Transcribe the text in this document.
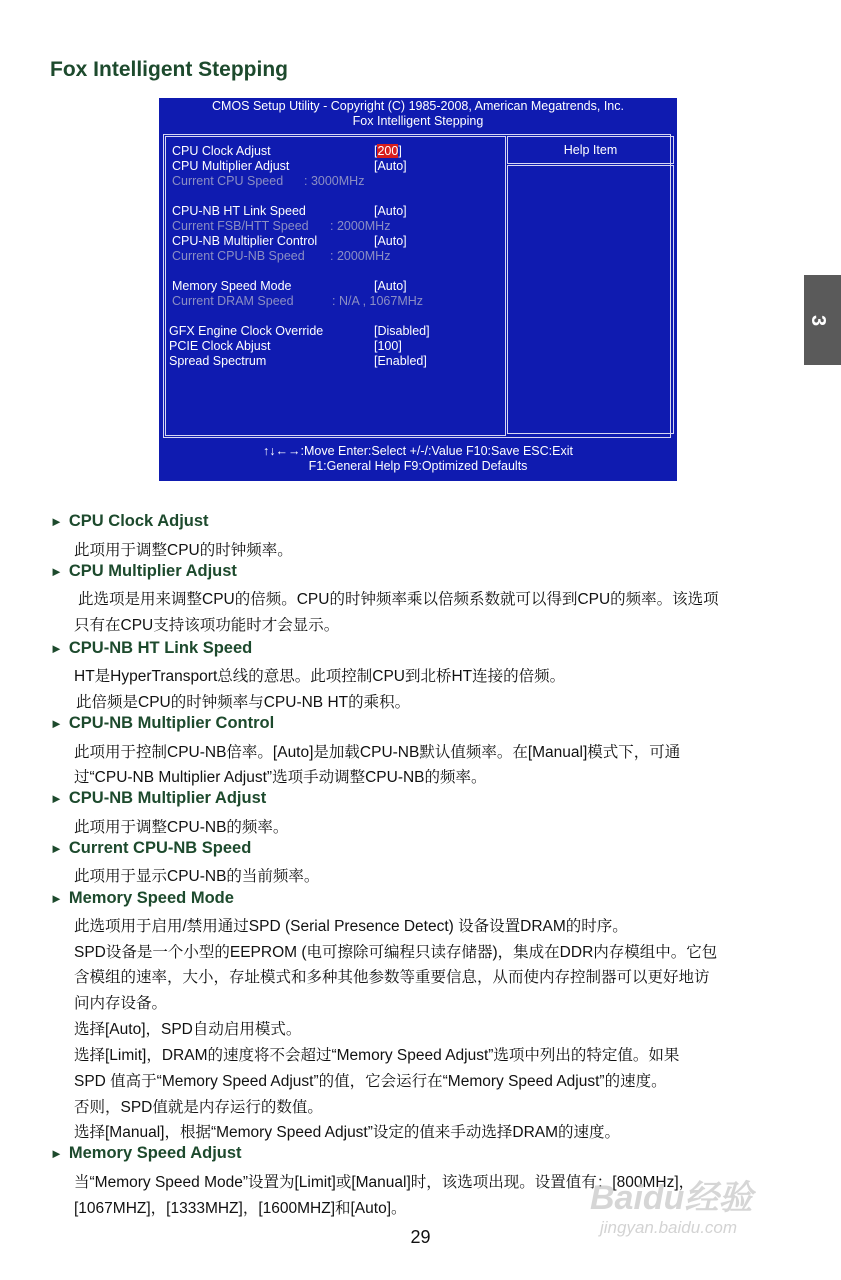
Fox Intelligent Stepping
CMOS Setup Utility - Copyright (C) 1985-2008, American Megatrends, Inc.
Fox Intelligent Stepping
CPU Clock Adjust	[200]
CPU Multiplier Adjust	[Auto]
Current CPU Speed : 3000MHz
CPU-NB HT Link Speed	[Auto]
Current FSB/HTT Speed : 2000MHz
CPU-NB Multiplier Control	[Auto]
Current CPU-NB Speed : 2000MHz
Memory Speed Mode	[Auto]
Current DRAM Speed	: N/A , 1067MHz
GFX Engine Clock Override	[Disabled]
PCIE Clock Abjust	[100]
Spread Spectrum	[Enabled]
Help Item
↑↓←→:Move Enter:Select +/-/:Value F10:Save ESC:Exit
F1:General Help F9:Optimized Defaults
3
► CPU Clock Adjust
此项用于调整CPU的时钟频率。
► CPU Multiplier Adjust
此选项是用来调整CPU的倍频。CPU的时钟频率乘以倍频系数就可以得到CPU的频率。该选项
只有在CPU支持该项功能时才会显示。
► CPU-NB HT Link Speed
HT是HyperTransport总线的意思。此项控制CPU到北桥HT连接的倍频。
此倍频是CPU的时钟频率与CPU-NB HT的乘积。
► CPU-NB Multiplier Control
此项用于控制CPU-NB倍率。[Auto]是加载CPU-NB默认值频率。在[Manual]模式下，可通
过“CPU-NB Multiplier Adjust”选项手动调整CPU-NB的频率。
► CPU-NB Multiplier Adjust
此项用于调整CPU-NB的频率。
► Current CPU-NB Speed
此项用于显示CPU-NB的当前频率。
► Memory Speed Mode
此选项用于启用/禁用通过SPD (Serial Presence Detect) 设备设置DRAM的时序。
SPD设备是一个小型的EEPROM (电可擦除可编程只读存储器)，集成在DDR内存模组中。它包
含模组的速率，大小，存址模式和多种其他参数等重要信息，从而使内存控制器可以更好地访
问内存设备。
选择[Auto]，SPD自动启用模式。
选择[Limit]，DRAM的速度将不会超过“Memory Speed Adjust”选项中列出的特定值。如果
SPD 值高于“Memory Speed Adjust”的值，它会运行在“Memory Speed Adjust”的速度。
否则，SPD值就是内存运行的数值。
选择[Manual]，根据“Memory Speed Adjust”设定的值来手动选择DRAM的速度。
► Memory Speed Adjust
当“Memory Speed Mode”设置为[Limit]或[Manual]时，该选项出现。设置值有：[800MHz]，
[1067MHZ]，[1333MHZ]，[1600MHZ]和[Auto]。	Baidu经验
jingyan.baidu.com
29
